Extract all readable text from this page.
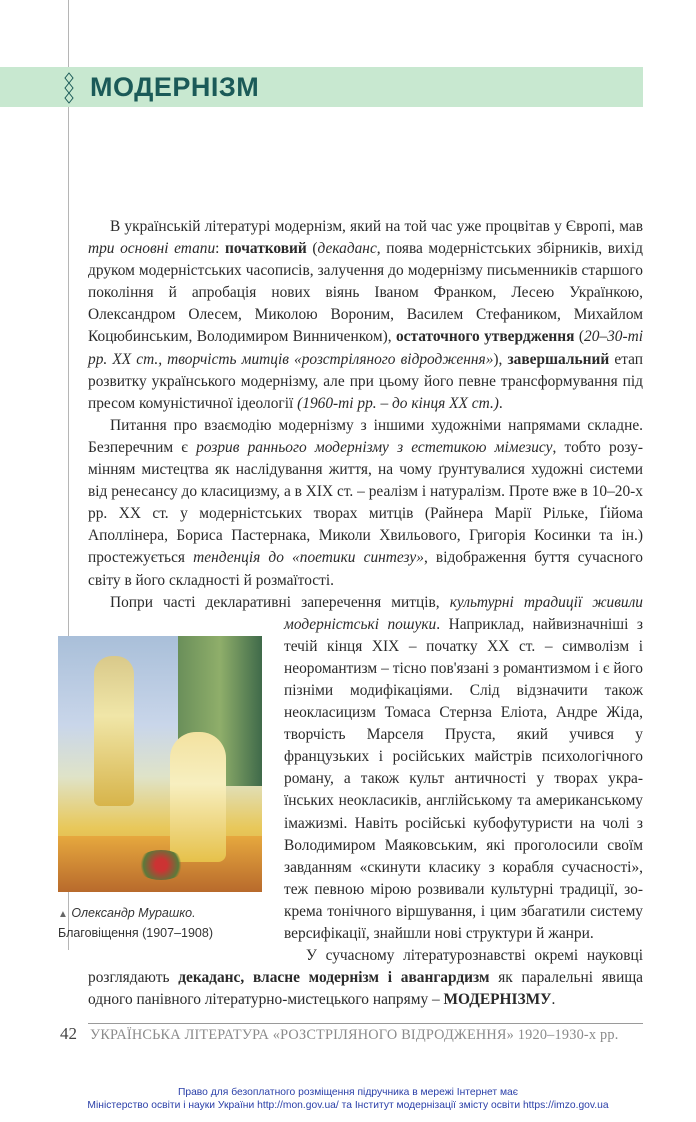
МОДЕРНІЗМ

В українській літературі модернізм, який на той час уже процвітав у Європі, мав три основні етапи: початковий (декаданс, поява модерністських збірників, вихід друком модерністських часописів, залучення до модернізму письменників старшого покоління й апробація нових віянь Іваном Франком, Лесею Українкою, Олександром Олесем, Миколою Вороним, Василем Стефаником, Михайлом Коцюбинським, Володимиром Винниченком), остаточного утвердження (20–30-ті рр. ХХ ст., творчість митців «розстріляного відродження»), завершальний етап розвитку українського модернізму, але при цьому його певне трансформування під пресом комуністичної ідеології (1960-ті рр. – до кінця ХХ ст.).

Питання про взаємодію модернізму з іншими художніми напрямами складне. Безперечним є розрив раннього модернізму з естетикою мімезису, тобто розумінням мистецтва як наслідування життя, на чому ґрунтувалися художні системи від ренесансу до класицизму, а в ХІХ ст. – реалізм і натуралізм. Проте вже в 10–20-х рр. ХХ ст. у модерністських творах митців (Райнера Марії Рільке, Ґійома Аполлінера, Бориса Пастернака, Миколи Хвильового, Григорія Косинки та ін.) простежується тенденція до «поетики синтезу», відображення буття сучасного світу в його складності й розмаїтості.

▲ Олександр Мурашко.
Благовіщення (1907–1908)
Попри часті декларативні заперечення митців, культурні традиції живили модерністські пошуки. Наприклад, найвизначніші з течій кінця ХІХ – початку ХХ ст. – символізм і неоромантизм – тісно пов'язані з романтизмом і є його пізніми модифікаціями. Слід відзначити також неокласицизм Томаса Стернза Еліота, Андре Жіда, творчість Марселя Пруста, який учився у французьких і російських майстрів психологічного роману, а також культ античності у творах українських неокласиків, англійському та американському імажизмі. Навіть російські кубофутуристи на чолі з Володимиром Маяковським, які проголосили своїм завданням «скинути класику з корабля сучасності», теж певною мірою розвивали культурні традиції, зокрема тонічного віршування, і цим збагатили систему версифікації, знайшли нові структури й жанри.

У сучасному літературознавстві окремі науковці розглядають декаданс, власне модернізм і авангардизм як паралельні явища одного панівного літературно-мистецького напряму – МОДЕРНІЗМУ.

42 УКРАЇНСЬКА ЛІТЕРАТУРА «РОЗСТРІЛЯНОГО ВІДРОДЖЕННЯ» 1920–1930-х рр.
Право для безоплатного розміщення підручника в мережі Інтернет має
Міністерство освіти і науки України http://mon.gov.ua/ та Інститут модернізації змісту освіти https://imzo.gov.ua
